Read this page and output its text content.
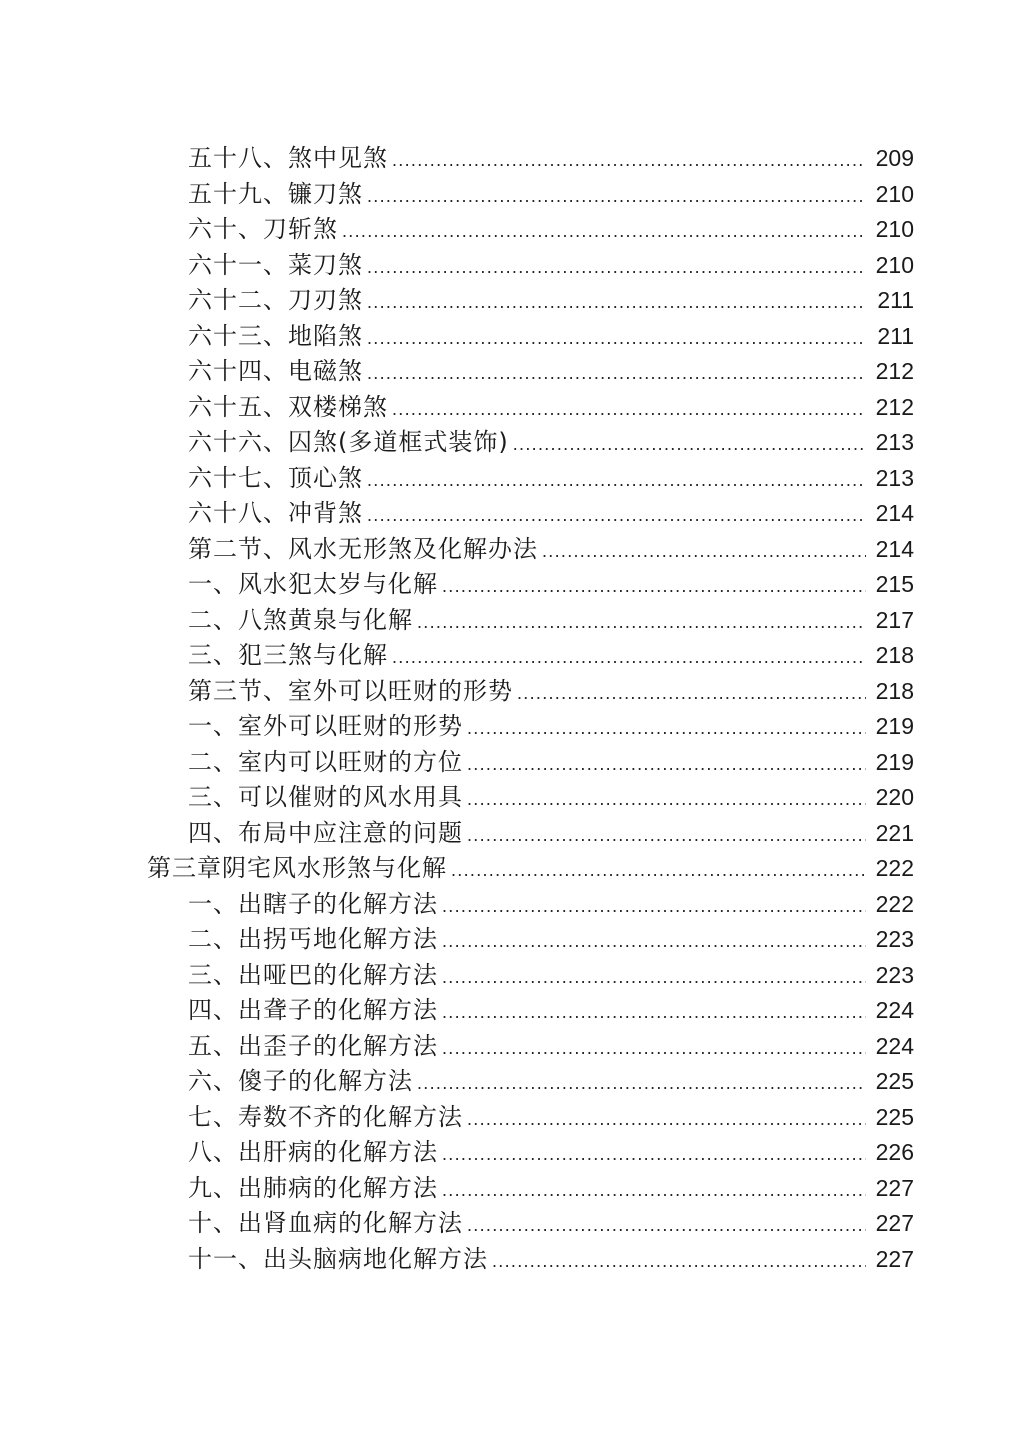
五十八、煞中见煞 .....	209
五十九、镰刀煞 .....	210
六十、刀斩煞 .....	210
六十一、菜刀煞 .....	210
六十二、刀刃煞 .....	211
六十三、地陷煞 .....	211
六十四、电磁煞 .....	212
六十五、双楼梯煞 .....	212
六十六、囚煞(多道框式装饰) .....	213
六十七、顶心煞 .....	213
六十八、冲背煞 .....	214
第二节、风水无形煞及化解办法 .....	214
一、风水犯太岁与化解 .....	215
二、八煞黄泉与化解 .....	217
三、犯三煞与化解 .....	218
第三节、室外可以旺财的形势 .....	218
一、室外可以旺财的形势 .....	219
二、室内可以旺财的方位 .....	219
三、可以催财的风水用具 .....	220
四、布局中应注意的问题 .....	221
第三章阴宅风水形煞与化解 .....	222
一、出瞎子的化解方法 .....	222
二、出拐丐地化解方法 .....	223
三、出哑巴的化解方法 .....	223
四、出聋子的化解方法 .....	224
五、出歪子的化解方法 .....	224
六、傻子的化解方法 .....	225
七、寿数不齐的化解方法 .....	225
八、出肝病的化解方法 .....	226
九、出肺病的化解方法 .....	227
十、出肾血病的化解方法 .....	227
十一、出头脑病地化解方法 .....	227
